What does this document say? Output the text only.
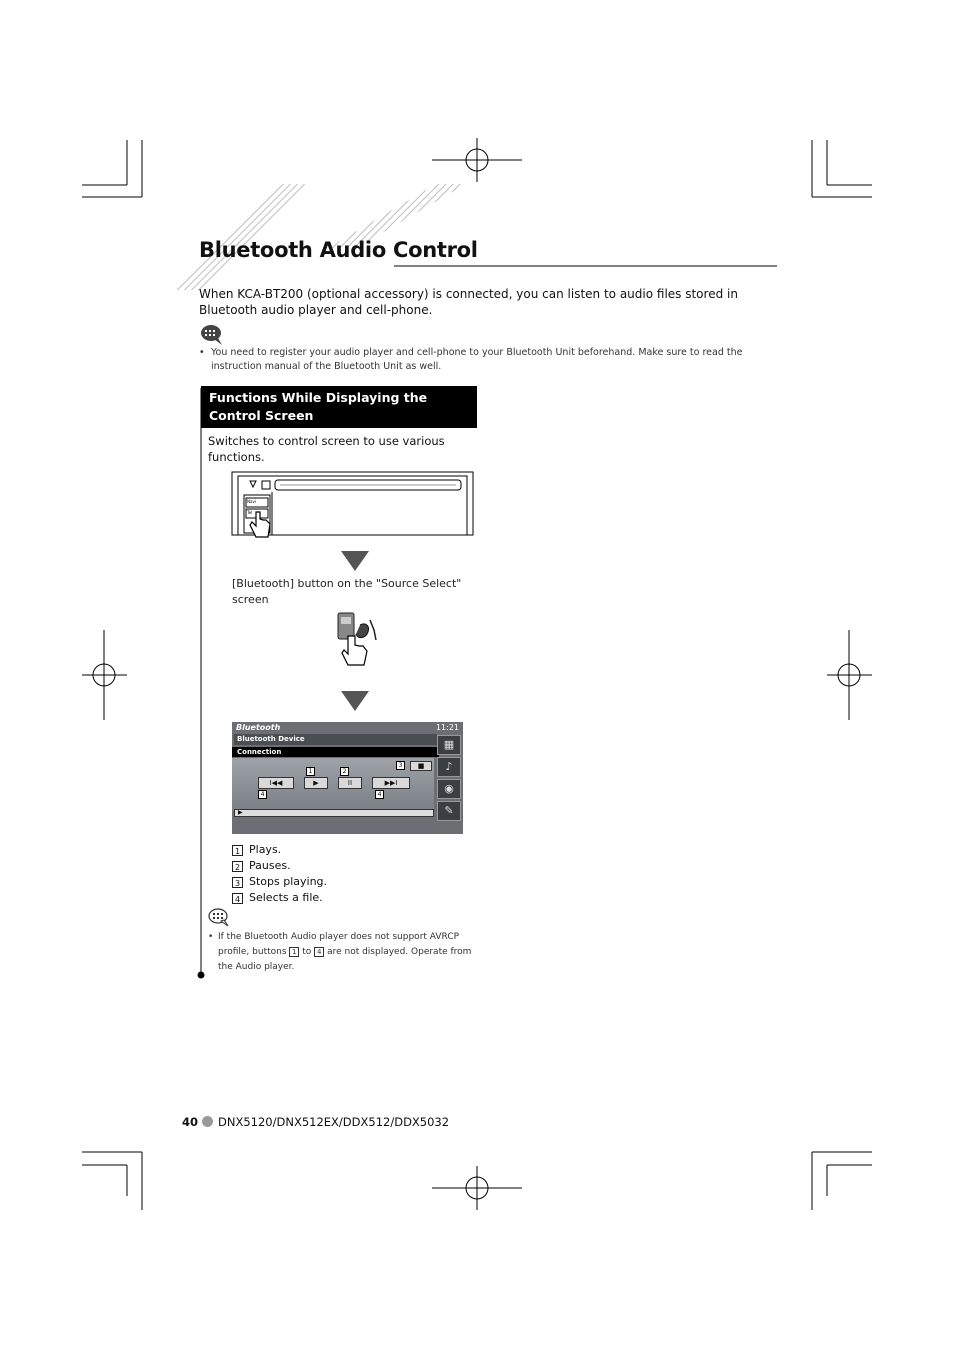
Bluetooth Audio Control
When KCA-BT200 (optional accessory) is connected, you can listen to audio files stored in Bluetooth audio player and cell-phone.
• You need to register your audio player and cell-phone to your Bluetooth Unit beforehand. Make sure to read the instruction manual of the Bluetooth Unit as well.
Functions While Displaying the Control Screen
Switches to control screen to use various functions.
Navi
Tel
[Bluetooth] button on the "Source Select" screen
Bluetooth	11:21
Bluetooth Device
Connection
I◀◀	▶	II	▶▶I
■
1	2
3
4	4
▶
▦
♪
◉
✎
1 Plays.
2 Pauses.
3 Stops playing.
4 Selects a file.
• If the Bluetooth Audio player does not support AVRCP profile, buttons 1 to 4 are not displayed. Operate from the Audio player.
40 DNX5120/DNX512EX/DDX512/DDX5032
